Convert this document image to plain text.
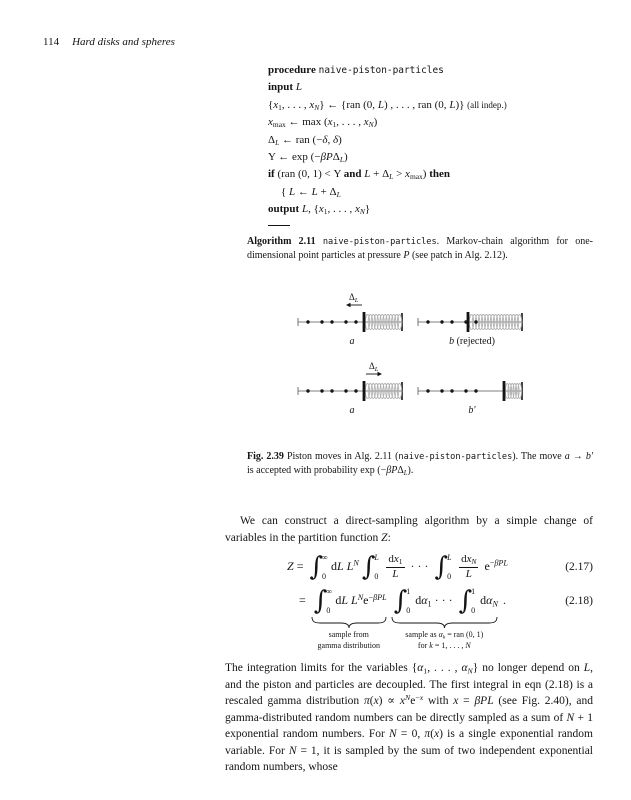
114 Hard disks and spheres
procedure naive-piston-particles
input L
{$x_1$, . . . , $x_N$} ← {ran (0, L) , . . . , ran (0, L)} (all indep.)
$x_{max}$ ← $\max (x_1$, . . . , $x_N$)
$\Delta_L$ ← ran (−δ, δ)
Υ ← exp (−βPΔ$_L$)
if (ran (0, 1) < Υ and $L + \Delta_L > x_{max}$) then
{ L ← $L + \Delta_L$
output L, {$x_1$, . . . , $x_N$}

Algorithm 2.11 naive-piston-particles. Markov-chain algorithm for one-dimensional point particles at pressure P (see patch in Alg. 2.12).

$\Delta_L$
a	b (rejected)
$\Delta_L$
a	b′

Fig. 2.39 Piston moves in Alg. 2.11 (naive-piston-particles). The move a → b′ is accepted with probability exp (−βPΔ$_L$).

We can construct a direct-sampling algorithm by a simple change of variables in the partition function Z:

Z = ∫ ∞
0
dL $L^N$ ∫ L
$0 \frac{dx_1}{L}$ · · · ∫ L
$0 \frac{dx_N}{L} e^{-\beta PL}$	(2.17)
= ∫ ∞
0
dL $L^Ne^{-\beta PL}$
sample from
gamma distribution
∫ 1
0
$d\alpha_1$ · · · ∫ 1
0
$d\alpha_N$
sample as $\alpha_k$ = ran (0, 1)
for k = 1, . . . , N
.	(2.18)

The integration limits for the variables {$\alpha_1$, . . . , $\alpha_N$} no longer depend on L, and the piston and particles are decoupled. The first integral in eqn (2.18) is a rescaled gamma distribution $\pi(x) \propto x^Ne^{-x}$ with x = βPL (see Fig. 2.40), and gamma-distributed random numbers can be directly sampled as a sum of N + 1 exponential random numbers. For N = 0, π(x) is a single exponential random variable. For N = 1, it is sampled by the sum of two independent exponential random numbers, whose
